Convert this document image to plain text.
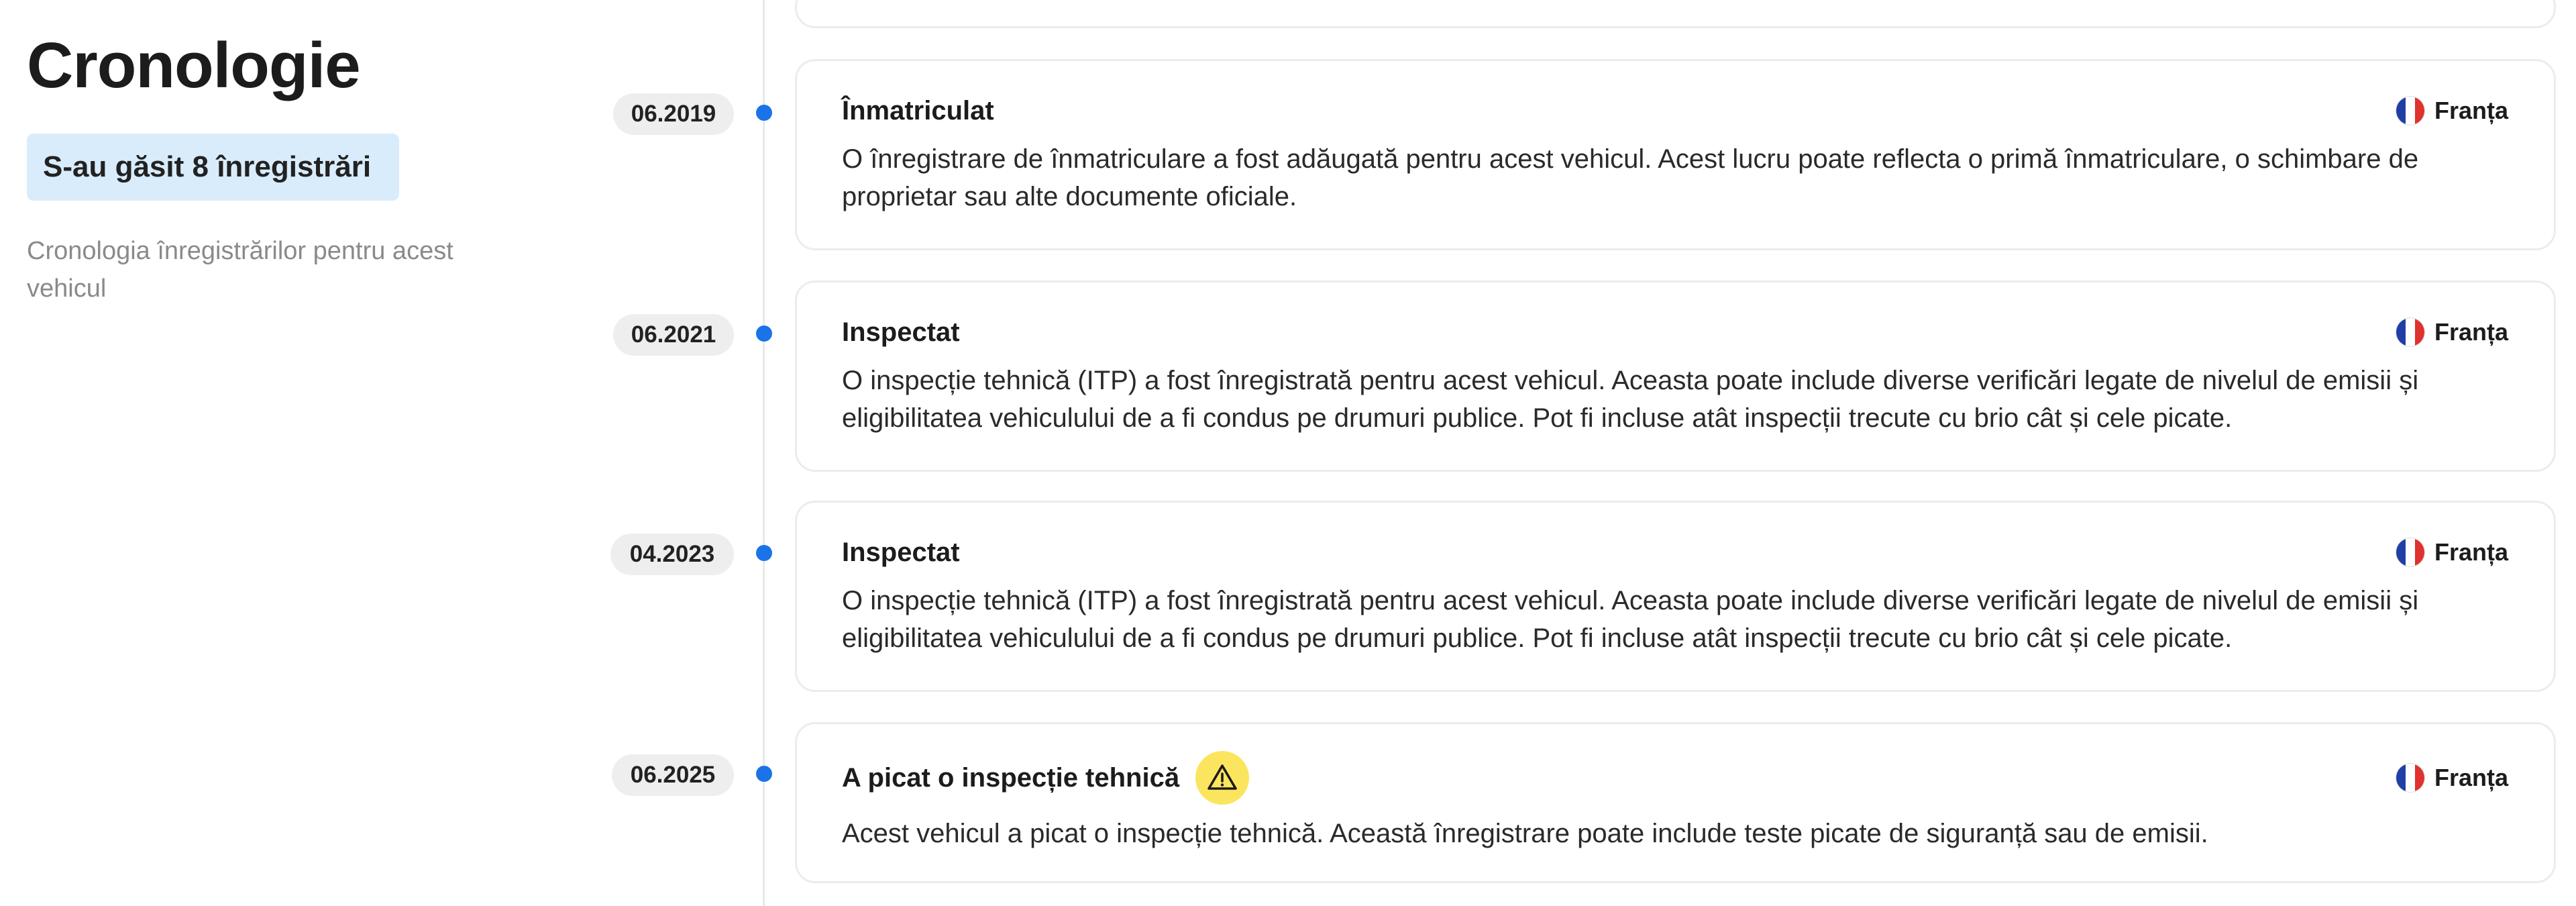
Cronologie
S-au găsit 8 înregistrări

Cronologia înregistrărilor pentru acest vehicul

06.2019	Înmatriculat	Franța

O înregistrare de înmatriculare a fost adăugată pentru acest vehicul. Acest lucru poate reflecta o primă înmatriculare, o schimbare de proprietar sau alte documente oficiale.

06.2021	Inspectat	Franța

O inspecție tehnică (ITP) a fost înregistrată pentru acest vehicul. Aceasta poate include diverse verificări legate de nivelul de emisii și eligibilitatea vehiculului de a fi condus pe drumuri publice. Pot fi incluse atât inspecții trecute cu brio cât și cele picate.

04.2023	Inspectat	Franța

O inspecție tehnică (ITP) a fost înregistrată pentru acest vehicul. Aceasta poate include diverse verificări legate de nivelul de emisii și eligibilitatea vehiculului de a fi condus pe drumuri publice. Pot fi incluse atât inspecții trecute cu brio cât și cele picate.

06.2025	A picat o inspecție tehnică	Franța

Acest vehicul a picat o inspecție tehnică. Această înregistrare poate include teste picate de siguranță sau de emisii.
